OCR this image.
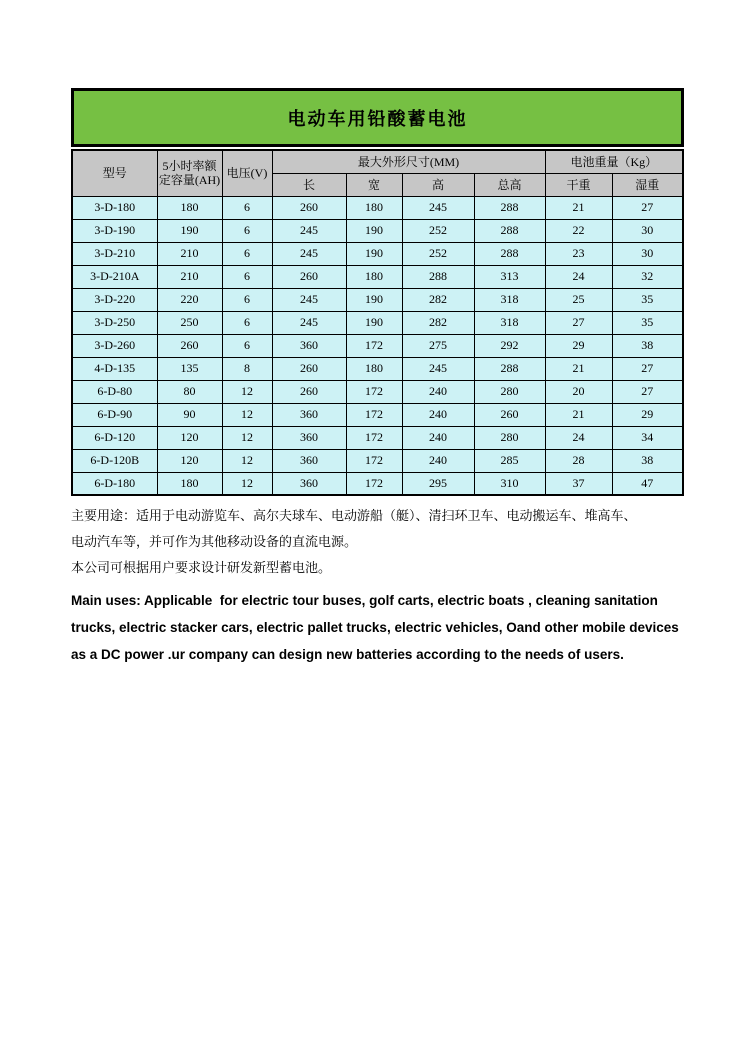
电动车用铅酸蓄电池
型号	5小时率额定容量(AH)	电压(V)	最大外形尺寸(MM)				电池重量（Kg）	
			长	宽	高	总高	干重	湿重
3-D-180	180	6	260	180	245	288	21	27
3-D-190	190	6	245	190	252	288	22	30
3-D-210	210	6	245	190	252	288	23	30
3-D-210A	210	6	260	180	288	313	24	32
3-D-220	220	6	245	190	282	318	25	35
3-D-250	250	6	245	190	282	318	27	35
3-D-260	260	6	360	172	275	292	29	38
4-D-135	135	8	260	180	245	288	21	27
6-D-80	80	12	260	172	240	280	20	27
6-D-90	90	12	360	172	240	260	21	29
6-D-120	120	12	360	172	240	280	24	34
6-D-120B	120	12	360	172	240	285	28	38
6-D-180	180	12	360	172	295	310	37	47
主要用途：适用于电动游览车、高尔夫球车、电动游船（艇）、清扫环卫车、电动搬运车、堆高车、
电动汽车等，并可作为其他移动设备的直流电源。
本公司可根据用户要求设计研发新型蓄电池。
Main uses: Applicable  for electric tour buses, golf carts, electric boats , cleaning sanitation
trucks, electric stacker cars, electric pallet trucks, electric vehicles, Oand other mobile devices
as a DC power .ur company can design new batteries according to the needs of users.
